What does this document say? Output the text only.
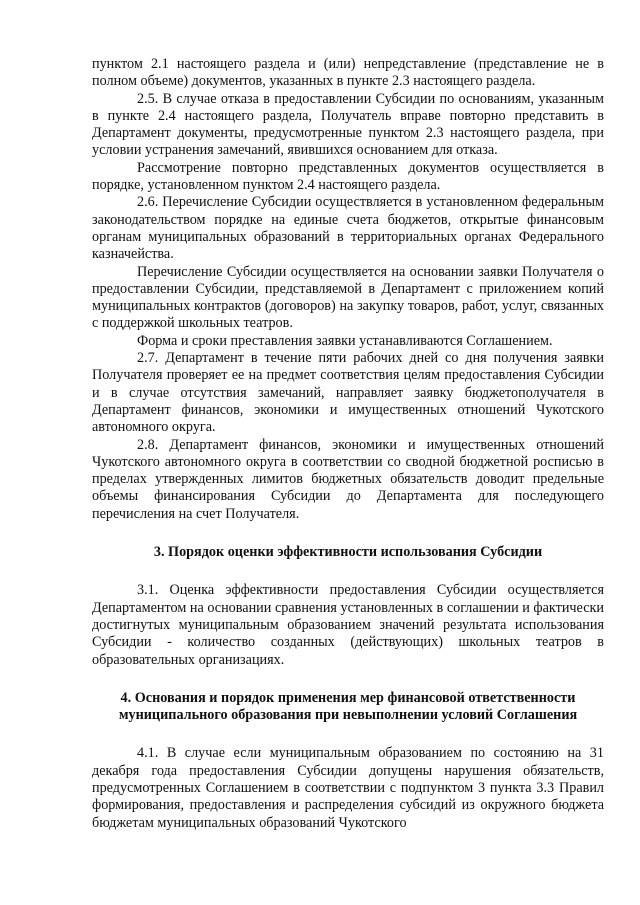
пунктом 2.1 настоящего раздела и (или) непредставление (представление не в полном объеме) документов, указанных в пункте 2.3 настоящего раздела.

2.5. В случае отказа в предоставлении Субсидии по основаниям, указанным в пункте 2.4 настоящего раздела, Получатель вправе повторно представить в Департамент документы, предусмотренные пунктом 2.3 настоящего раздела, при условии устранения замечаний, явившихся основанием для отказа.

Рассмотрение повторно представленных документов осуществляется в порядке, установленном пунктом 2.4 настоящего раздела.

2.6. Перечисление Субсидии осуществляется в установленном федеральным законодательством порядке на единые счета бюджетов, открытые финансовым органам муниципальных образований в территориальных органах Федерального казначейства.

Перечисление Субсидии осуществляется на основании заявки Получателя о предоставлении Субсидии, представляемой в Департамент с приложением копий муниципальных контрактов (договоров) на закупку товаров, работ, услуг, связанных с поддержкой школьных театров.

Форма и сроки преставления заявки устанавливаются Соглашением.

2.7. Департамент в течение пяти рабочих дней со дня получения заявки Получателя проверяет ее на предмет соответствия целям предоставления Субсидии и в случае отсутствия замечаний, направляет заявку бюджетополучателя в Департамент финансов, экономики и имущественных отношений Чукотского автономного округа.

2.8. Департамент финансов, экономики и имущественных отношений Чукотского автономного округа в соответствии со сводной бюджетной росписью в пределах утвержденных лимитов бюджетных обязательств доводит предельные объемы финансирования Субсидии до Департамента для последующего перечисления на счет Получателя.

3. Порядок оценки эффективности использования Субсидии

3.1. Оценка эффективности предоставления Субсидии осуществляется Департаментом на основании сравнения установленных в соглашении и фактически достигнутых муниципальным образованием значений результата использования Субсидии - количество созданных (действующих) школьных театров в образовательных организациях.

4. Основания и порядок применения мер финансовой ответственности
муниципального образования при невыполнении условий Соглашения

4.1. В случае если муниципальным образованием по состоянию на 31 декабря года предоставления Субсидии допущены нарушения обязательств, предусмотренных Соглашением в соответствии с подпунктом 3 пункта 3.3 Правил формирования, предоставления и распределения субсидий из окружного бюджета бюджетам муниципальных образований Чукотского
